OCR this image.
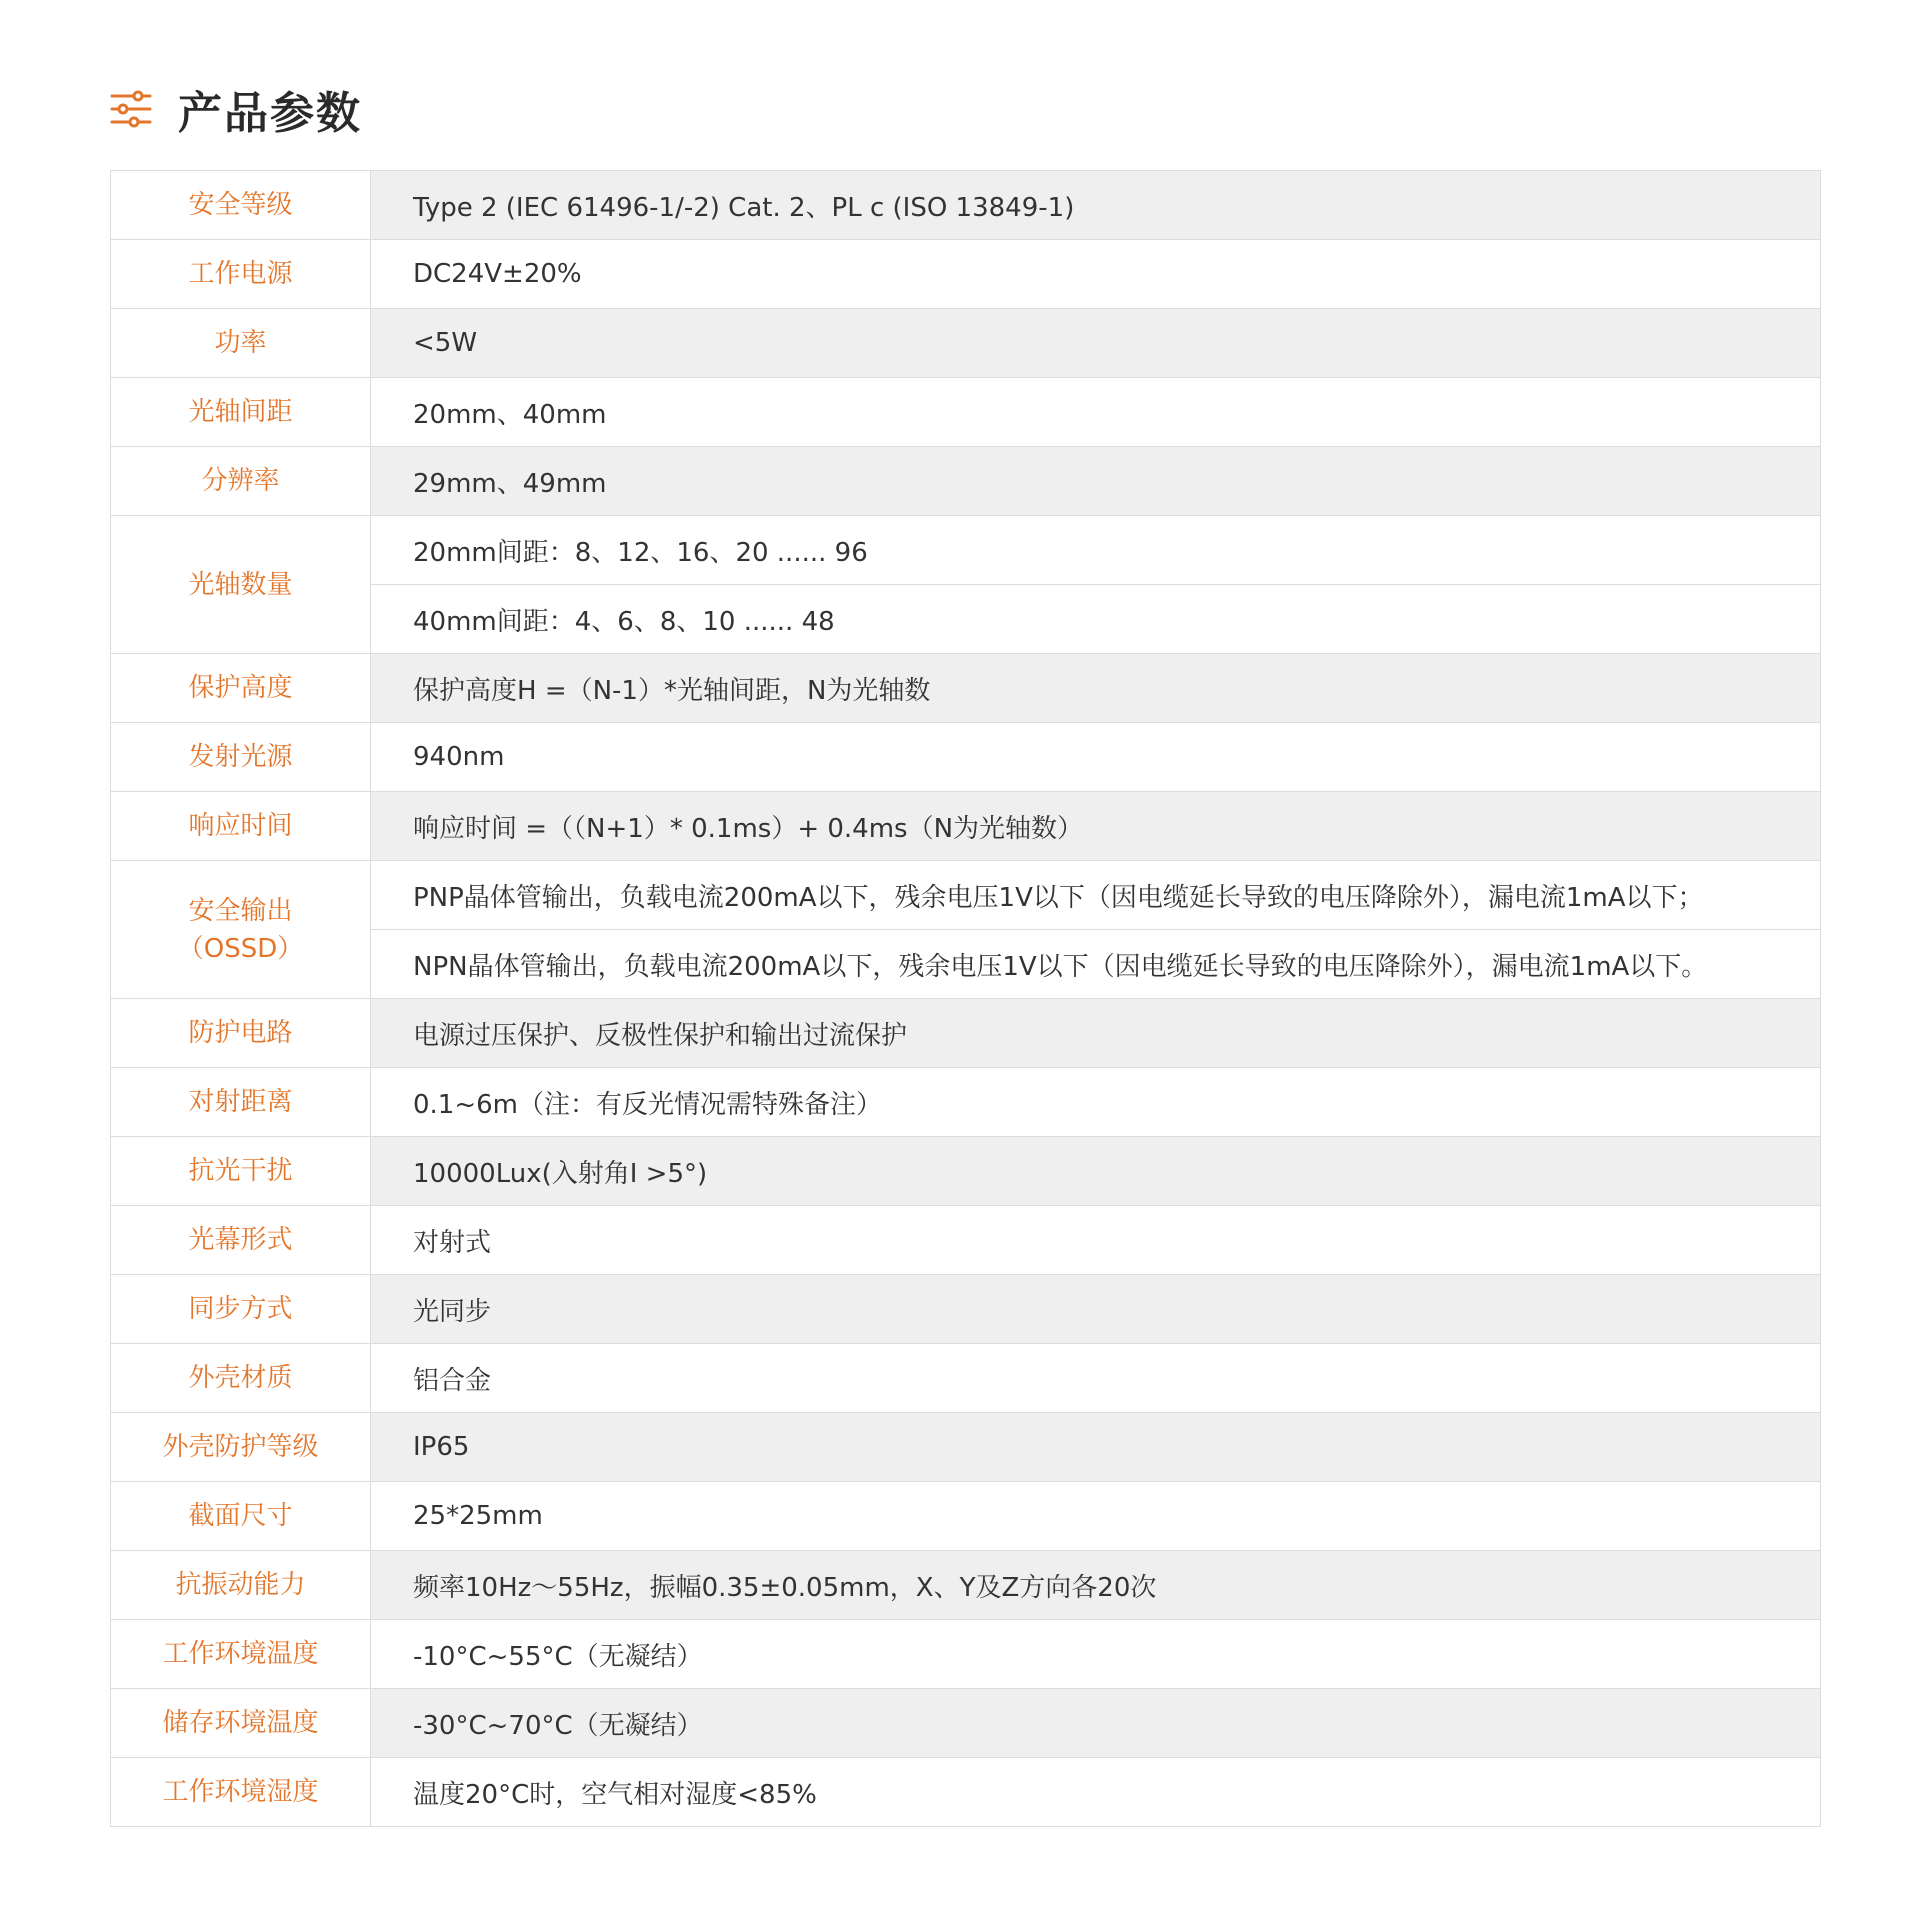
产品参数
安全等级	Type 2 (IEC 61496-1/-2) Cat. 2、PL c (ISO 13849-1)
工作电源	DC24V±20%
功率	<5W
光轴间距	20mm、40mm
分辨率	29mm、49mm
光轴数量	20mm间距：8、12、16、20 ...... 96
	40mm间距：4、6、8、10 ...... 48
保护高度	保护高度H =（N-1）*光轴间距，N为光轴数
发射光源	940nm
响应时间	响应时间 =（（N+1）* 0.1ms）+ 0.4ms（N为光轴数）

安全输出
（OSSD）	PNP晶体管输出，负载电流200mA以下，残余电压1V以下（因电缆延长导致的电压降除外），漏电流1mA以下；
	NPN晶体管输出，负载电流200mA以下，残余电压1V以下（因电缆延长导致的电压降除外），漏电流1mA以下。
防护电路	电源过压保护、反极性保护和输出过流保护
对射距离	0.1~6m（注：有反光情况需特殊备注）
抗光干扰	10000Lux(入射角I >5°)
光幕形式	对射式
同步方式	光同步
外壳材质	铝合金
外壳防护等级	IP65
截面尺寸	25*25mm
抗振动能力	频率10Hz～55Hz，振幅0.35±0.05mm，X、Y及Z方向各20次
工作环境温度	-10°C~55°C（无凝结）
储存环境温度	-30°C~70°C（无凝结）
工作环境湿度	温度20°C时，空气相对湿度<85%
